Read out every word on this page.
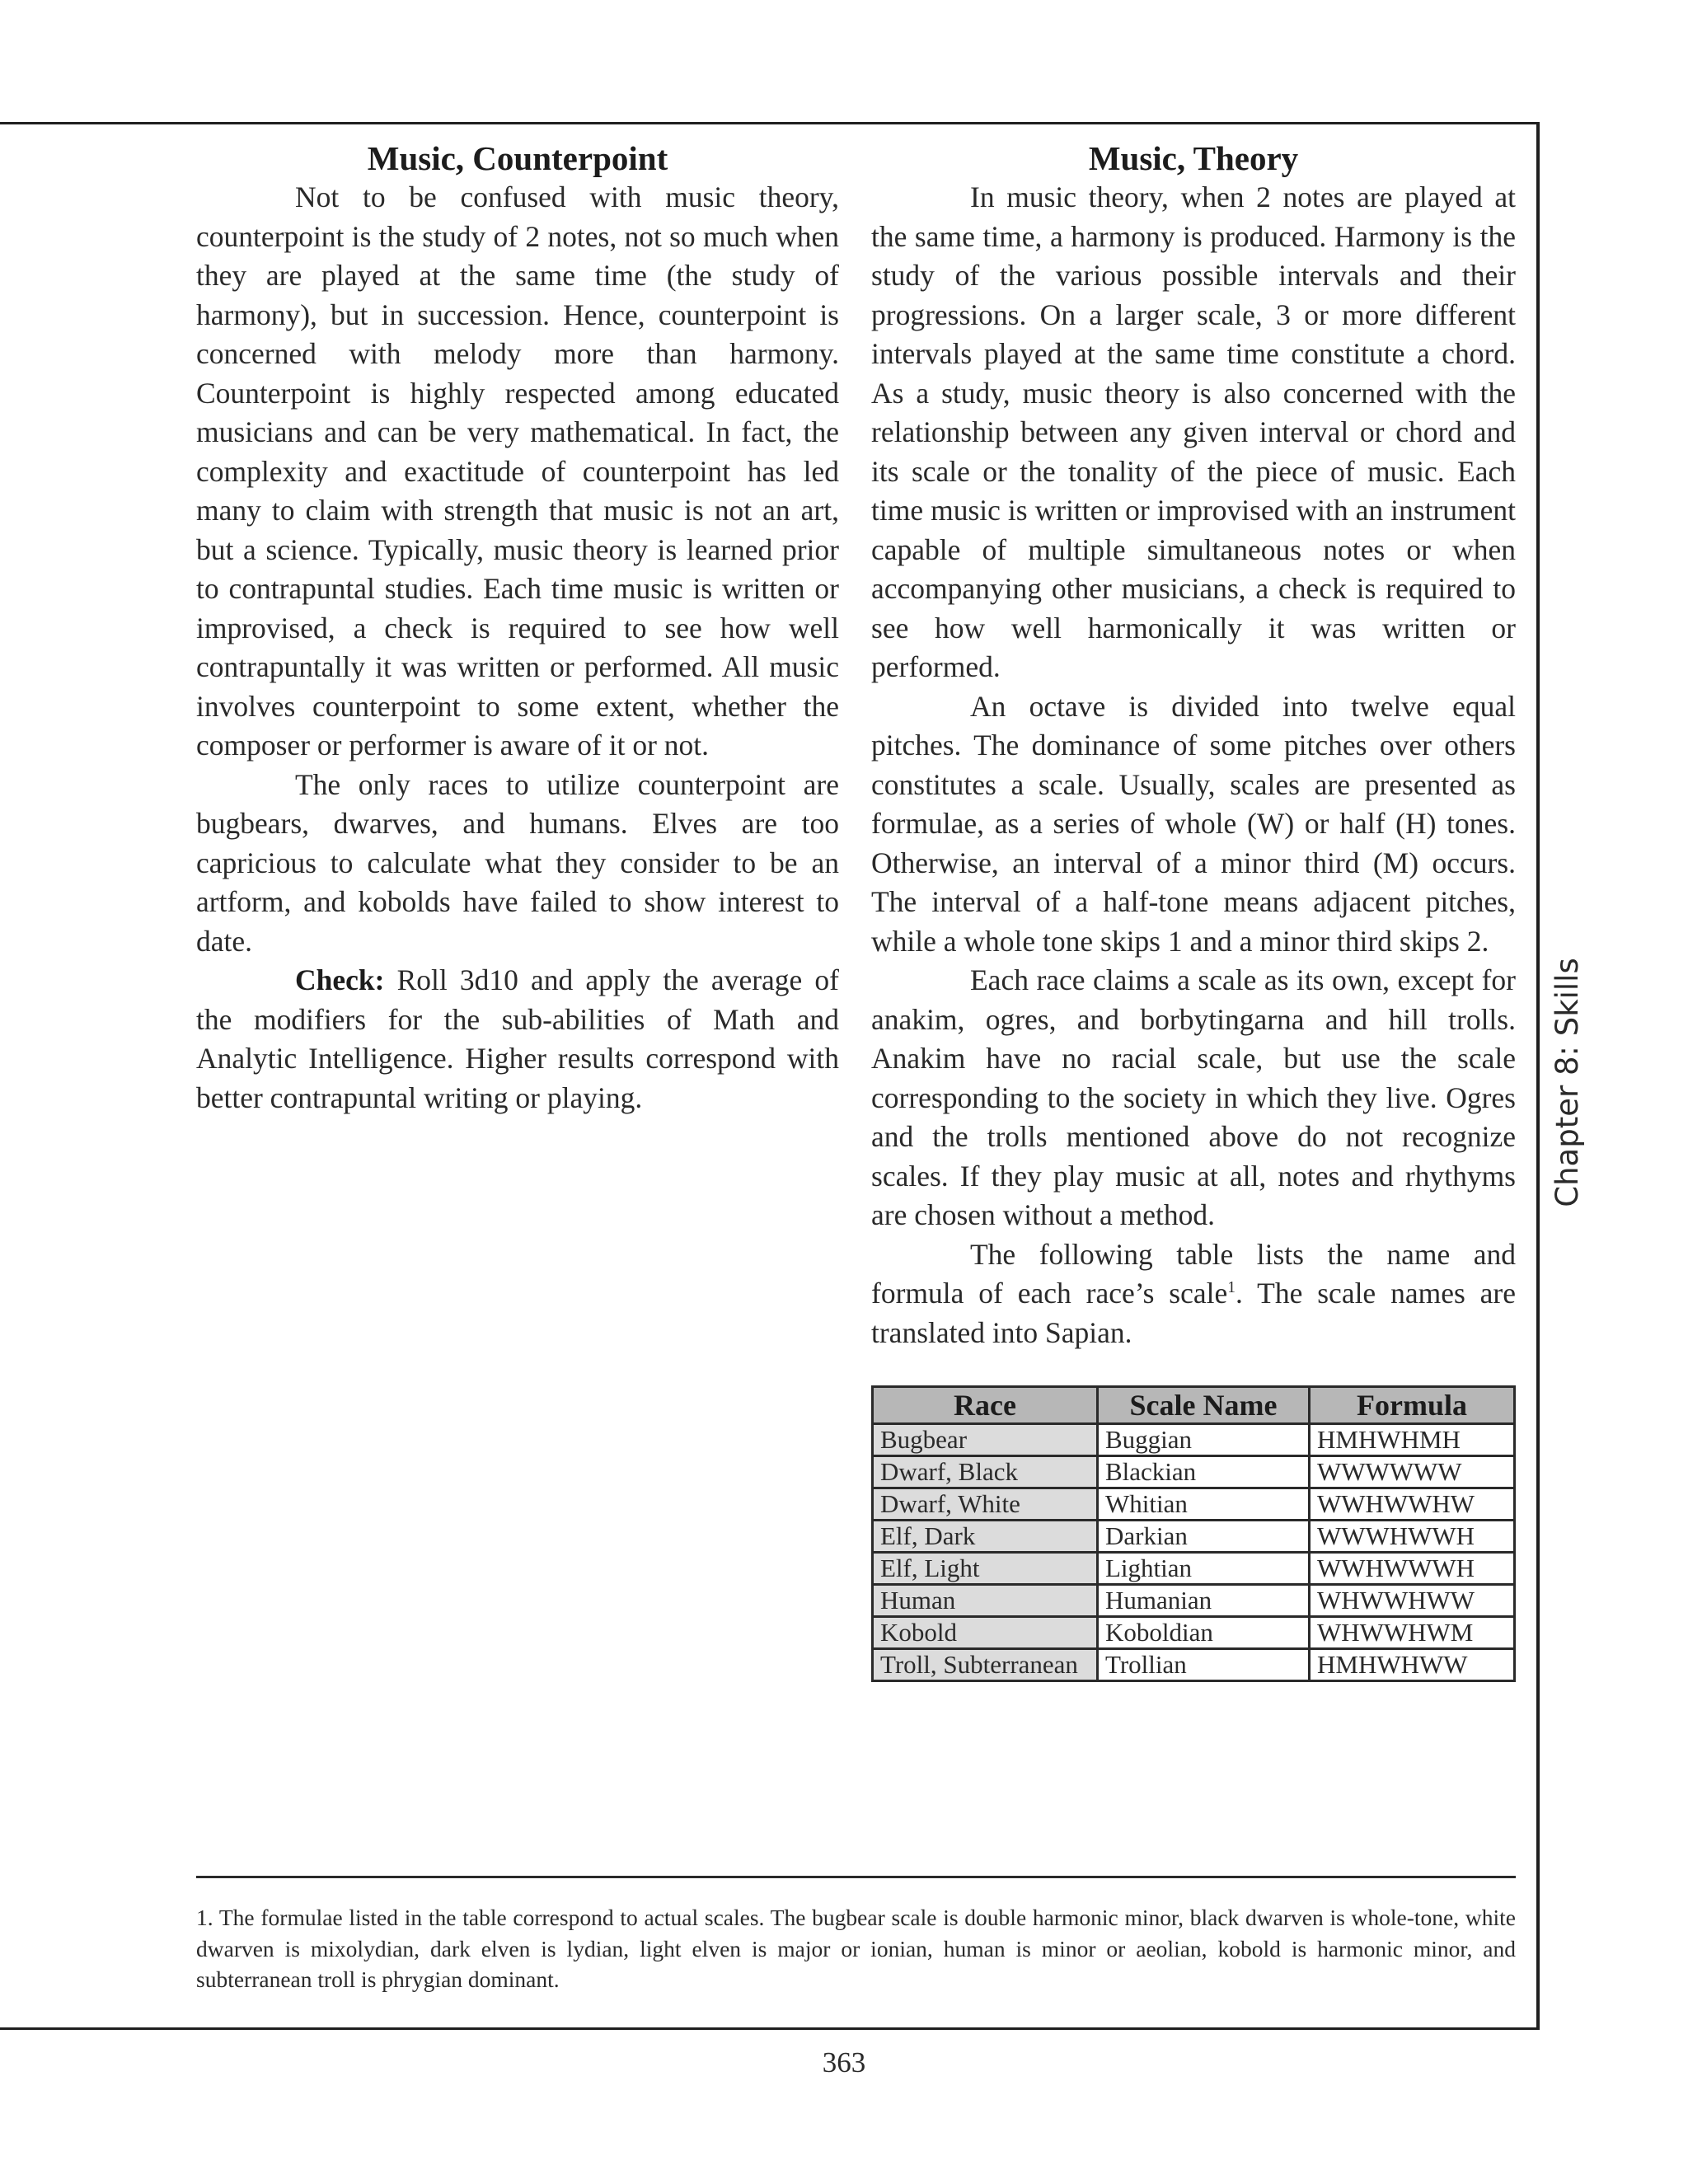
Music, Counterpoint

Not to be confused with music theory, counterpoint is the study of 2 notes, not so much when they are played at the same time (the study of harmony), but in succession. Hence, counterpoint is concerned with melody more than harmony. Counterpoint is highly respected among educated musicians and can be very mathematical. In fact, the complexity and exactitude of counterpoint has led many to claim with strength that music is not an art, but a science. Typically, music theory is learned prior to contrapuntal studies. Each time music is written or improvised, a check is required to see how well contrapuntally it was written or performed. All music involves counterpoint to some extent, whether the composer or performer is aware of it or not.

The only races to utilize counterpoint are bugbears, dwarves, and humans. Elves are too capricious to calculate what they consider to be an artform, and kobolds have failed to show interest to date.

Check: Roll 3d10 and apply the average of the modifiers for the sub-abilities of Math and Analytic Intelligence. Higher results correspond with better contrapuntal writing or playing.

Music, Theory

In music theory, when 2 notes are played at the same time, a harmony is produced. Harmony is the study of the various possible intervals and their progressions. On a larger scale, 3 or more different intervals played at the same time constitute a chord. As a study, music theory is also concerned with the relationship between any given interval or chord and its scale or the tonality of the piece of music. Each time music is written or improvised with an instrument capable of multiple simultaneous notes or when accompanying other musicians, a check is required to see how well harmonically it was written or performed.

An octave is divided into twelve equal pitches. The dominance of some pitches over others constitutes a scale. Usually, scales are presented as formulae, as a series of whole (W) or half (H) tones. Otherwise, an interval of a minor third (M) occurs. The interval of a half-tone means adjacent pitches, while a whole tone skips 1 and a minor third skips 2.

Each race claims a scale as its own, except for anakim, ogres, and borbytingarna and hill trolls. Anakim have no racial scale, but use the scale corresponding to the society in which they live. Ogres and the trolls mentioned above do not recognize scales. If they play music at all, notes and rhythyms are chosen without a method.

The following table lists the name and formula of each race’s scale$^1$. The scale names are translated into Sapian.

Race	Scale Name	Formula
Bugbear	Buggian	HMHWHMH
Dwarf, Black	Blackian	WWWWWW
Dwarf, White	Whitian	WWHWWHW
Elf, Dark	Darkian	WWWHWWH
Elf, Light	Lightian	WWHWWWH
Human	Humanian	WHWWHWW
Kobold	Koboldian	WHWWHWM
Troll, Subterranean	Trollian	HMHWHWW
Chapter 8: Skills

1. The formulae listed in the table correspond to actual scales. The bugbear scale is double harmonic minor, black dwarven is whole-tone, white dwarven is mixolydian, dark elven is lydian, light elven is major or ionian, human is minor or aeolian, kobold is harmonic minor, and subterranean troll is phrygian dominant.

363
